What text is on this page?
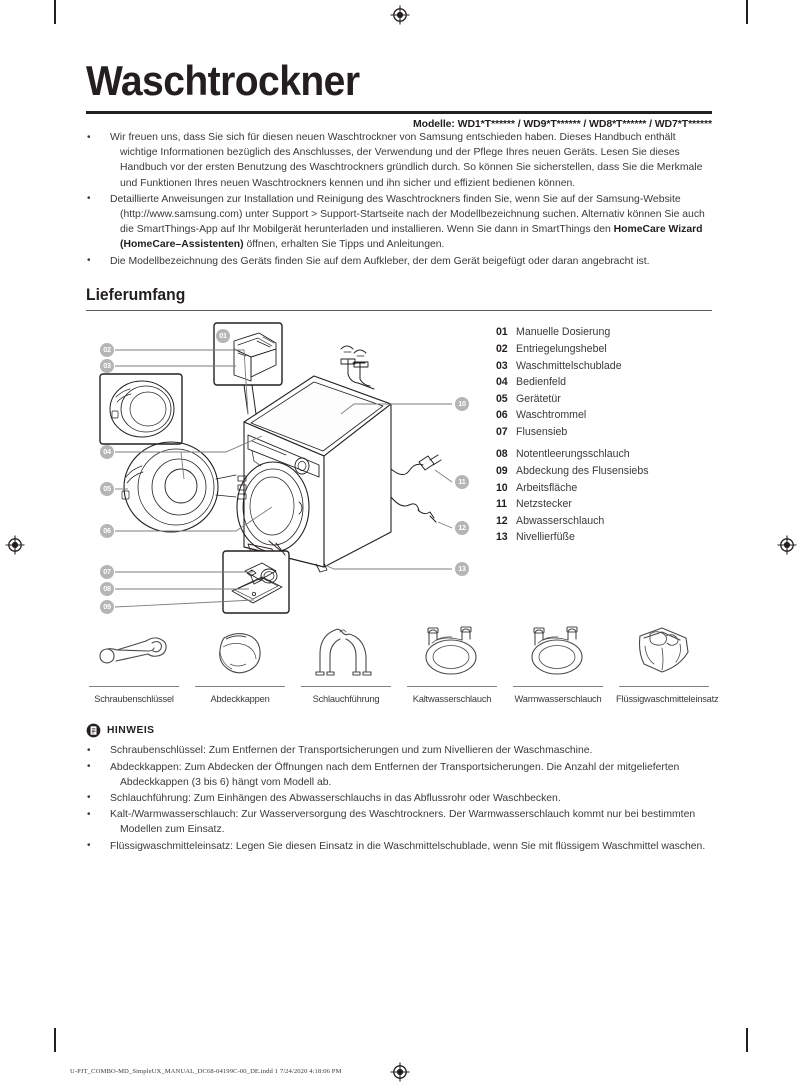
Waschtrockner
Modelle: WD1*T****** / WD9*T****** / WD8*T****** / WD7*T******
• Wir freuen uns, dass Sie sich für diesen neuen Waschtrockner von Samsung entschieden haben. Dieses Handbuch enthält wichtige Informationen bezüglich des Anschlusses, der Verwendung und der Pflege Ihres neuen Geräts. Lesen Sie dieses Handbuch vor der ersten Benutzung des Waschtrockners gründlich durch. So können Sie sicherstellen, dass Sie die Merkmale und Funktionen Ihres neuen Waschtrockners kennen und ihn sicher und effizient bedienen können.
• Detaillierte Anweisungen zur Installation und Reinigung des Waschtrockners finden Sie, wenn Sie auf der Samsung-Website (http://www.samsung.com) unter Support > Support-Startseite nach der Modellbezeichnung suchen. Alternativ können Sie auch die SmartThings-App auf Ihr Mobilgerät herunterladen und installieren. Wenn Sie dann in SmartThings den HomeCare Wizard (HomeCare–Assistenten) öffnen, erhalten Sie Tipps und Anleitungen.
• Die Modellbezeichnung des Geräts finden Sie auf dem Aufkleber, der dem Gerät beigefügt oder daran angebracht ist.
Lieferumfang
02
03
01
04
05
06
07
08
09
10
11
12
13
01 Manuelle Dosierung
02 Entriegelungshebel
03 Waschmittelschublade
04 Bedienfeld
05 Gerätetür
06 Waschtrommel
07 Flusensieb
08 Notentleerungsschlauch
09 Abdeckung des Flusensiebs
10 Arbeitsfläche
11 Netzstecker
12 Abwasserschlauch
13 Nivellierfüße
Schraubenschlüssel	Abdeckkappen	Schlauchführung	Kaltwasserschlauch	Warmwasserschlauch	Flüssigwaschmitteleinsatz
HINWEIS
• Schraubenschlüssel: Zum Entfernen der Transportsicherungen und zum Nivellieren der Waschmaschine.
• Abdeckkappen: Zum Abdecken der Öffnungen nach dem Entfernen der Transportsicherungen. Die Anzahl der mitgelieferten Abdeckkappen (3 bis 6) hängt vom Modell ab.
• Schlauchführung: Zum Einhängen des Abwasserschlauchs in das Abflussrohr oder Waschbecken.
• Kalt-/Warmwasserschlauch: Zur Wasserversorgung des Waschtrockners. Der Warmwasserschlauch kommt nur bei bestimmten Modellen zum Einsatz.
• Flüssigwaschmitteleinsatz: Legen Sie diesen Einsatz in die Waschmittelschublade, wenn Sie mit flüssigem Waschmittel waschen.
U-PJT_COMBO-MD_SimpleUX_MANUAL_DC68-04199C-00_DE.indd 1 7/24/2020 4:18:06 PM
